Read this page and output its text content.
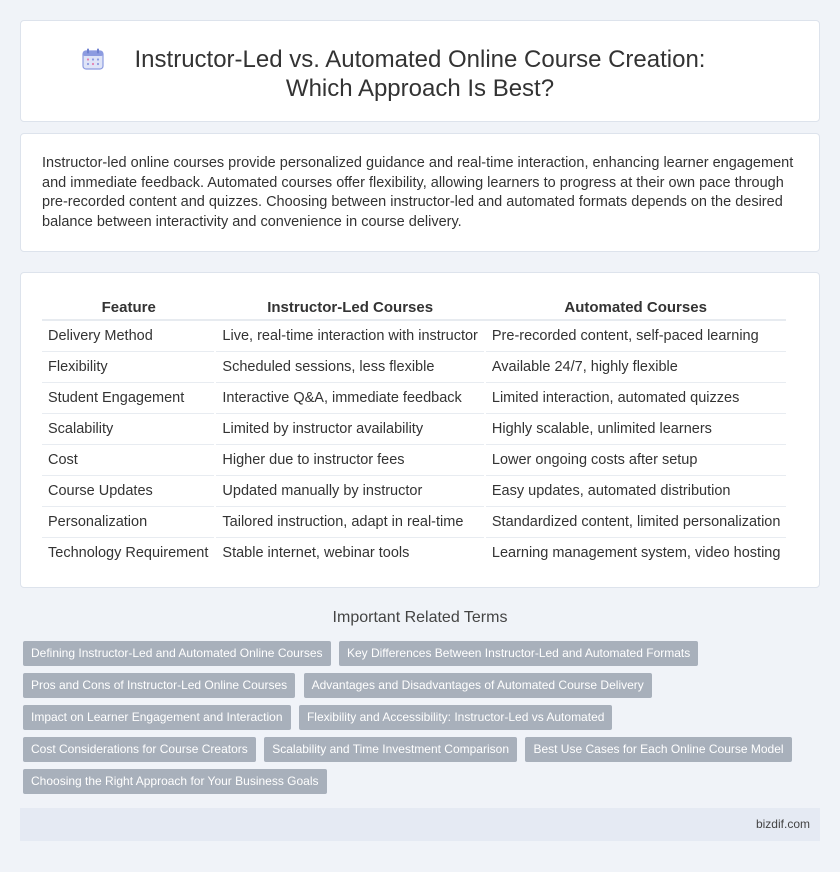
Instructor-Led vs. Automated Online Course Creation: Which Approach Is Best?

Instructor-led online courses provide personalized guidance and real-time interaction, enhancing learner engagement and immediate feedback. Automated courses offer flexibility, allowing learners to progress at their own pace through pre-recorded content and quizzes. Choosing between instructor-led and automated formats depends on the desired balance between interactivity and convenience in course delivery.

Feature	Instructor-Led Courses	Automated Courses
Delivery Method	Live, real-time interaction with instructor	Pre-recorded content, self-paced learning
Flexibility	Scheduled sessions, less flexible	Available 24/7, highly flexible
Student Engagement	Interactive Q&A, immediate feedback	Limited interaction, automated quizzes
Scalability	Limited by instructor availability	Highly scalable, unlimited learners
Cost	Higher due to instructor fees	Lower ongoing costs after setup
Course Updates	Updated manually by instructor	Easy updates, automated distribution
Personalization	Tailored instruction, adapt in real-time	Standardized content, limited personalization
Technology Requirement	Stable internet, webinar tools	Learning management system, video hosting
Important Related Terms
Defining Instructor-Led and Automated Online Courses Key Differences Between Instructor-Led and Automated Formats
Pros and Cons of Instructor-Led Online Courses Advantages and Disadvantages of Automated Course Delivery
Impact on Learner Engagement and Interaction Flexibility and Accessibility: Instructor-Led vs Automated
Cost Considerations for Course Creators Scalability and Time Investment Comparison Best Use Cases for Each Online Course Model
Choosing the Right Approach for Your Business Goals
bizdif.com
